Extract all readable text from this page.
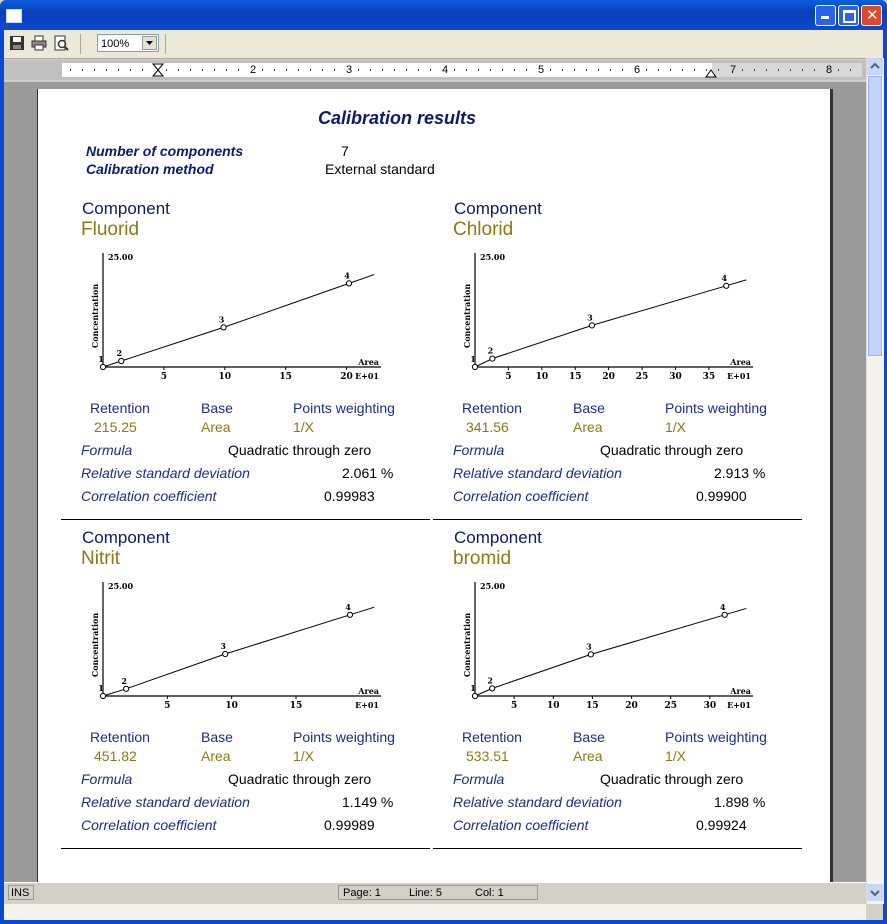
✕
100%
2	3	4	5	6	7	8
Calibration results
Number of components	7
Calibration method	External standard
Component
Fluorid
5	10	15	20
25.00
E+01
Area
Concentration
1
2
3
4
Retention	Base	Points weighting
215.25	Area	1/X
Formula	Quadratic through zero
Relative standard deviation	2.061 %
Correlation coefficient	0.99983
Component
Chlorid
5	10 15 20 25 30 35
25.00
E+01
Area
Concentration
1
2
3
4
Retention	Base	Points weighting
341.56	Area	1/X
Formula	Quadratic through zero
Relative standard deviation	2.913 %
Correlation coefficient	0.99900
Component
Nitrit
5	10	15
25.00
E+01
Area
Concentration
1
2
3
4
Retention	Base	Points weighting
451.82	Area	1/X
Formula	Quadratic through zero
Relative standard deviation	1.149 %
Correlation coefficient	0.99989
Component
bromid
5	10	15	20	25	30
25.00
E+01
Area
Concentration
1
2
3
4
Retention	Base	Points weighting
533.51	Area	1/X
Formula	Quadratic through zero
Relative standard deviation	1.898 %
Correlation coefficient	0.99924
INS	Page: 1	Line: 5	Col: 1
